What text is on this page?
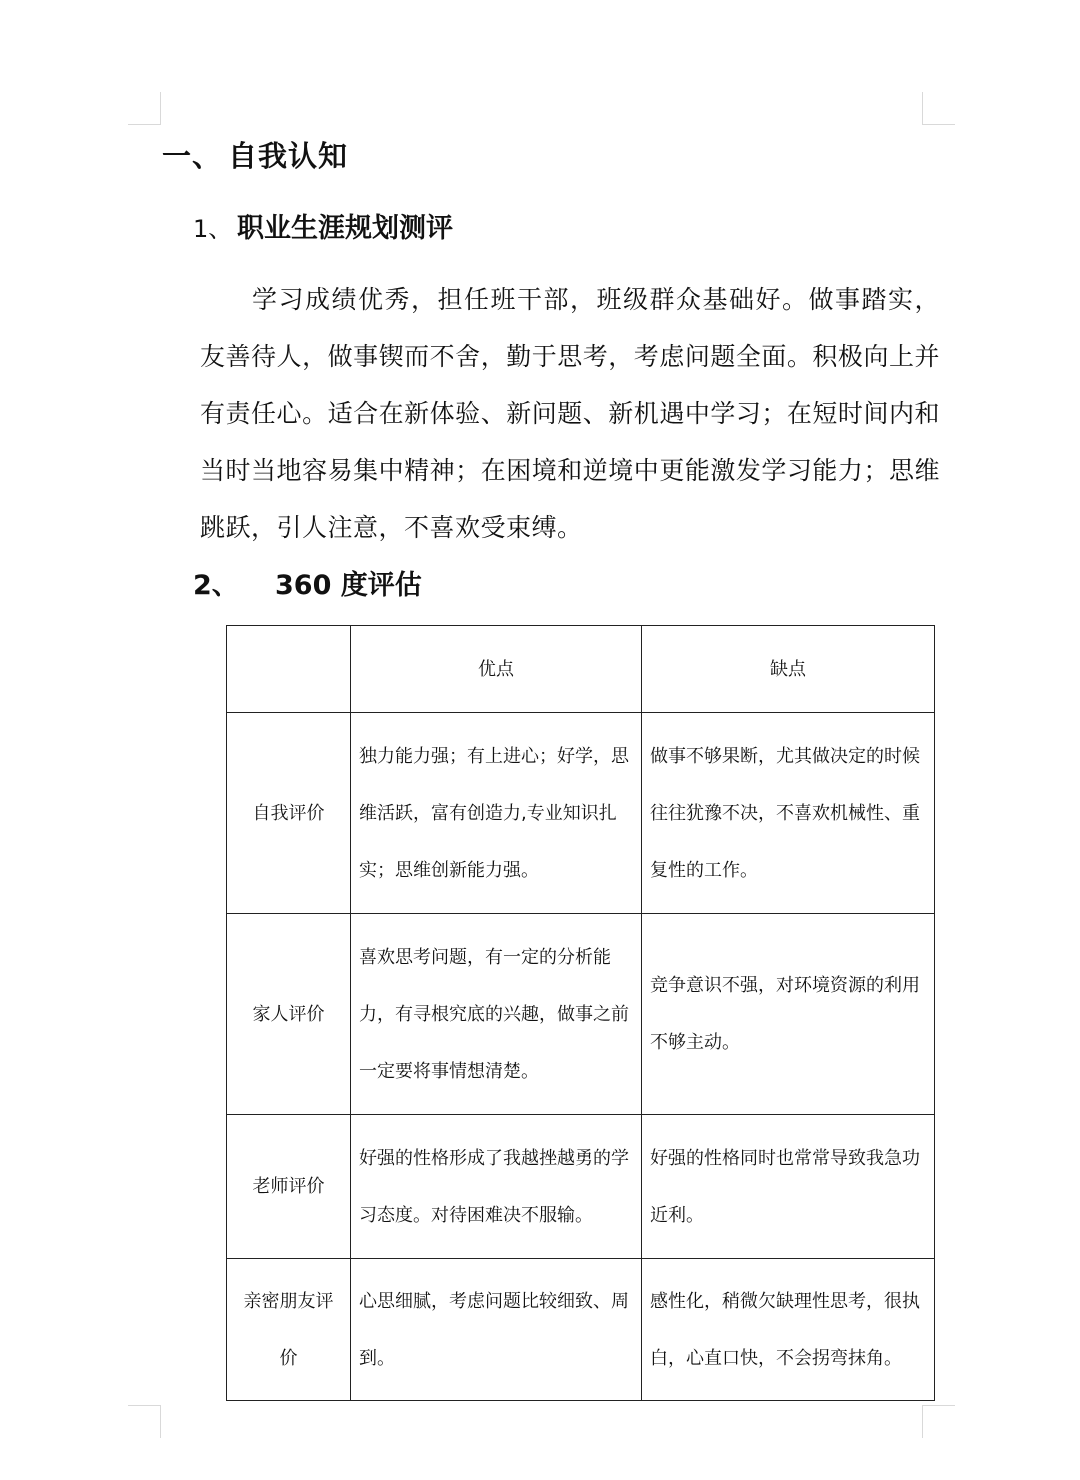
一、 自我认知
1、 职业生涯规划测评

学习成绩优秀，担任班干部，班级群众基础好。做事踏实，友善待人，做事锲而不舍，勤于思考，考虑问题全面。积极向上并有责任心。适合在新体验、新问题、新机遇中学习；在短时间内和当时当地容易集中精神；在困境和逆境中更能激发学习能力；思维跳跃，引人注意，不喜欢受束缚。

2、 360 度评估
	优点	缺点
自我评价	独力能力强；有上进心；好学，思维活跃，富有创造力,专业知识扎实；思维创新能力强。	做事不够果断，尤其做决定的时候往往犹豫不决，不喜欢机械性、重复性的工作。
家人评价	喜欢思考问题，有一定的分析能力，有寻根究底的兴趣，做事之前一定要将事情想清楚。	竞争意识不强，对环境资源的利用不够主动。
老师评价	好强的性格形成了我越挫越勇的学习态度。对待困难决不服输。	好强的性格同时也常常导致我急功近利。
亲密朋友评价	心思细腻，考虑问题比较细致、周到。	感性化，稍微欠缺理性思考，很执白，心直口快，不会拐弯抹角。
